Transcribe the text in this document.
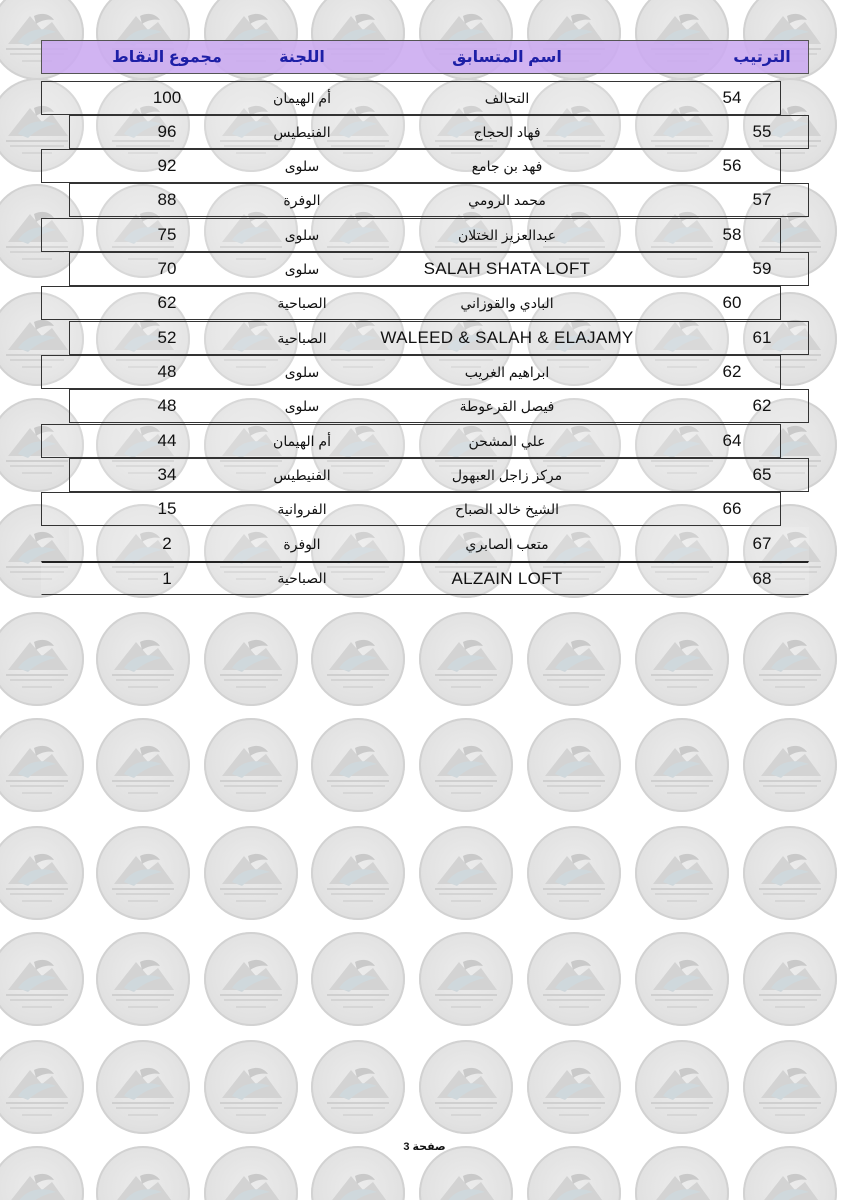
الترتيب
اسم المتسابق
اللجنة
مجموع النقاط
54
التحالف
أم الهيمان
100
55
فهاد الحجاج
الفنيطيس
96
56
فهد بن جامع
سلوى
92
57
محمد الرومي
الوفرة
88
58
عبدالعزيز الختلان
سلوى
75
59
SALAH SHATA LOFT
سلوى
70
60
البادي والقوزاني
الصباحية
62
61
WALEED & SALAH & ELAJAMY
الصباحية
52
62
ابراهيم الغريب
سلوى
48
62
فيصل القرعوطة
سلوى
48
64
علي المشحن
أم الهيمان
44
65
مركز زاجل العبهول
الفنيطيس
34
66
الشيخ خالد الصباح
الفروانية
15
67
متعب الصابري
الوفرة
2
68
ALZAIN LOFT
الصباحية
1
صفحة 3
